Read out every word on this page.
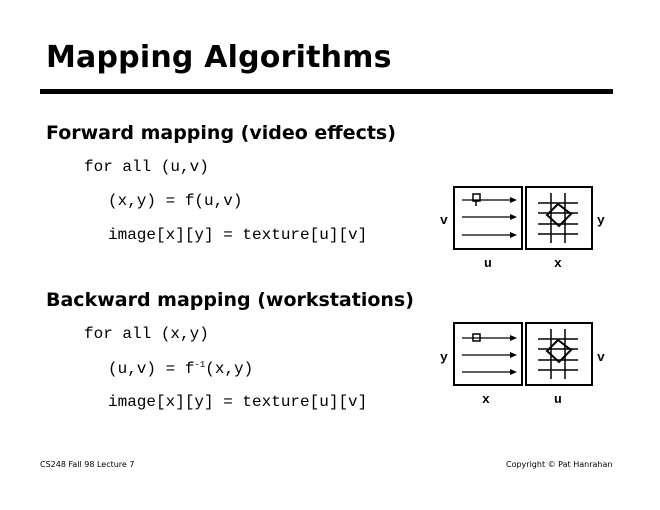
Mapping Algorithms
Forward mapping (video effects)
for all (u,v)
(x,y) = f(u,v)
image[x][y] = texture[u][v]
v	y
u	x
Backward mapping (workstations)
for all (x,y)
$(u,v) = f^{-1}(x,y)$
image[x][y] = texture[u][v]
y	v
x	u
CS248 Fall 98 Lecture 7	Copyright © Pat Hanrahan
